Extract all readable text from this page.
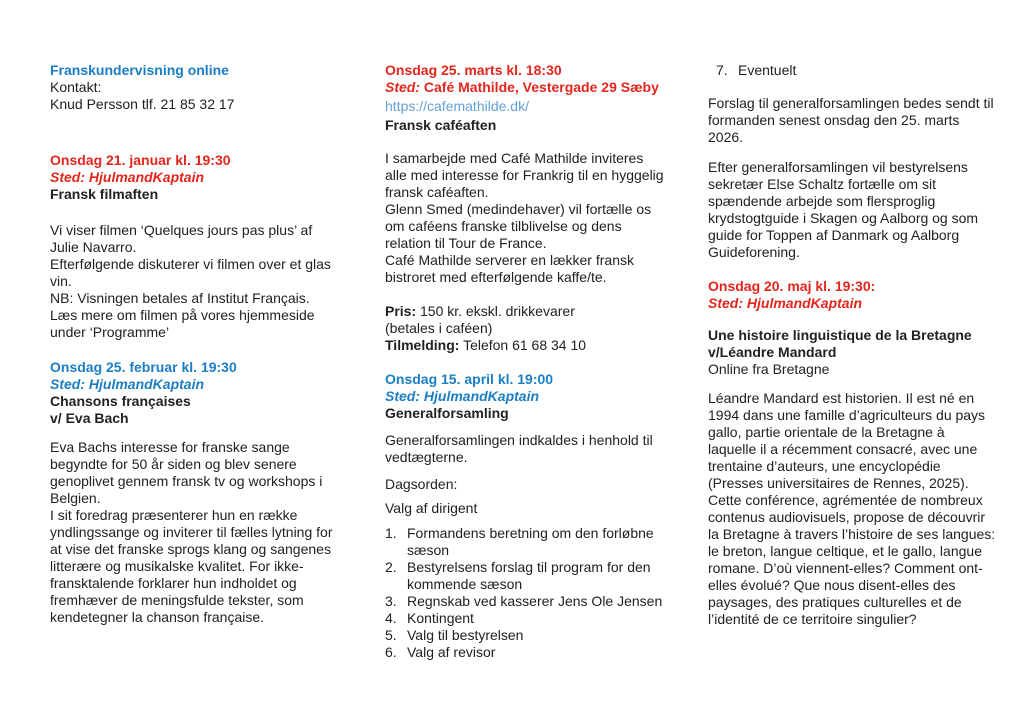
Franskundervisning online

Kontakt:

Knud Persson tlf. 21 85 32 17

Onsdag 21. januar kl. 19:30

Sted: HjulmandKaptain

Fransk filmaften

Vi viser filmen ‘Quelques jours pas plus’ af Julie Navarro.

Efterfølgende diskuterer vi filmen over et glas vin.

NB: Visningen betales af Institut Français.

Læs mere om filmen på vores hjemmeside under ‘Programme’

Onsdag 25. februar kl. 19:30

Sted: HjulmandKaptain

Chansons françaises

v/ Eva Bach

Eva Bachs interesse for franske sange begyndte for 50 år siden og blev senere genoplivet gennem fransk tv og workshops i Belgien.

I sit foredrag præsenterer hun en række yndlingssange og inviterer til fælles lytning for at vise det franske sprogs klang og sangenes litterære og musikalske kvalitet. For ikke-fransktalende forklarer hun indholdet og fremhæver de meningsfulde tekster, som kendetegner la chanson française.

Onsdag 25. marts kl. 18:30

Sted: Café Mathilde, Vestergade 29 Sæby

https://cafemathilde.dk/

Fransk caféaften

I samarbejde med Café Mathilde inviteres alle med interesse for Frankrig til en hyggelig fransk caféaften.

Glenn Smed (medindehaver) vil fortælle os om caféens franske tilblivelse og dens relation til Tour de France.

Café Mathilde serverer en lækker fransk bistroret med efterfølgende kaffe/te.

Pris: 150 kr. ekskl. drikkevarer

(betales i caféen)

Tilmelding: Telefon 61 68 34 10

Onsdag 15. april kl. 19:00

Sted: HjulmandKaptain

Generalforsamling

Generalforsamlingen indkaldes i henhold til vedtægterne.

Dagsorden:

Valg af dirigent

1. Formandens beretning om den forløbne sæson
2. Bestyrelsens forslag til program for den kommende sæson
3. Regnskab ved kasserer Jens Ole Jensen
4. Kontingent
5. Valg til bestyrelsen
6. Valg af revisor
7. Eventuelt

Forslag til generalforsamlingen bedes sendt til formanden senest onsdag den 25. marts 2026.

Efter generalforsamlingen vil bestyrelsens sekretær Else Schaltz fortælle om sit spændende arbejde som flersproglig krydstogtguide i Skagen og Aalborg og som guide for Toppen af Danmark og Aalborg Guideforening.

Onsdag 20. maj kl. 19:30:

Sted: HjulmandKaptain

Une histoire linguistique de la Bretagne v/Léandre Mandard

Online fra Bretagne

Léandre Mandard est historien. Il est né en 1994 dans une famille d’agriculteurs du pays gallo, partie orientale de la Bretagne à laquelle il a récemment consacré, avec une trentaine d’auteurs, une encyclopédie (Presses universitaires de Rennes, 2025). Cette conférence, agrémentée de nombreux contenus audiovisuels, propose de découvrir la Bretagne à travers l’histoire de ses langues: le breton, langue celtique, et le gallo, langue romane. D’où viennent-elles? Comment ont-elles évolué? Que nous disent-elles des paysages, des pratiques culturelles et de l’identité de ce territoire singulier?
